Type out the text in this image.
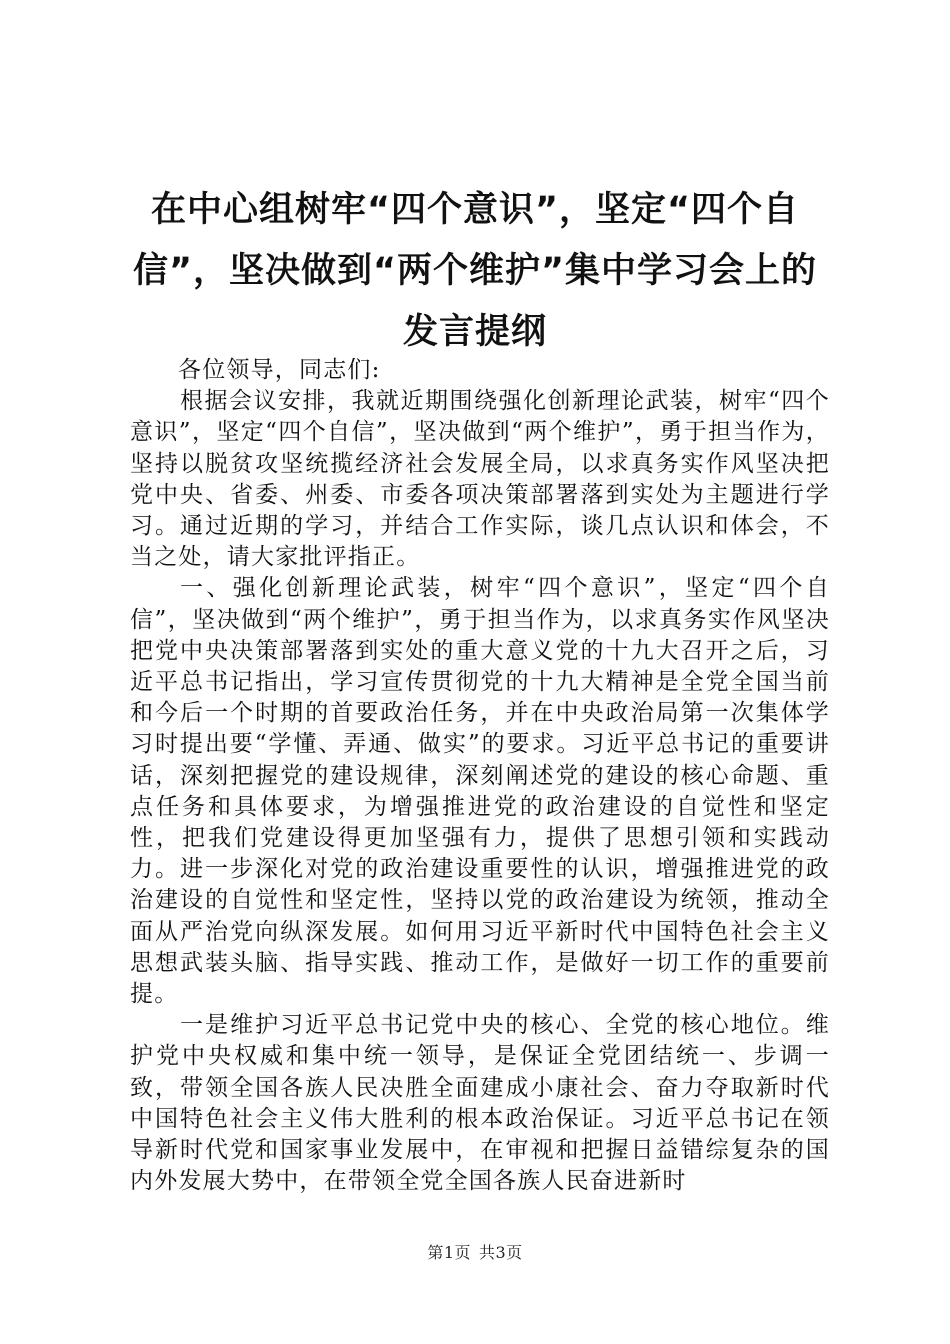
在中心组树牢“四个意识”，坚定“四个自信”，坚决做到“两个维护”集中学习会上的发言提纲

各位领导，同志们:

根据会议安排，我就近期围绕强化创新理论武装，树牢“四个意识”，坚定“四个自信”，坚决做到“两个维护”，勇于担当作为，坚持以脱贫攻坚统揽经济社会发展全局，以求真务实作风坚决把党中央、省委、州委、市委各项决策部署落到实处为主题进行学习。通过近期的学习，并结合工作实际，谈几点认识和体会，不当之处，请大家批评指正。

一、强化创新理论武装，树牢“四个意识”，坚定“四个自信”，坚决做到“两个维护”，勇于担当作为，以求真务实作风坚决把党中央决策部署落到实处的重大意义党的十九大召开之后，习近平总书记指出，学习宣传贯彻党的十九大精神是全党全国当前和今后一个时期的首要政治任务，并在中央政治局第一次集体学习时提出要“学懂、弄通、做实”的要求。习近平总书记的重要讲话，深刻把握党的建设规律，深刻阐述党的建设的核心命题、重点任务和具体要求，为增强推进党的政治建设的自觉性和坚定性，把我们党建设得更加坚强有力，提供了思想引领和实践动力。进一步深化对党的政治建设重要性的认识，增强推进党的政治建设的自觉性和坚定性，坚持以党的政治建设为统领，推动全面从严治党向纵深发展。如何用习近平新时代中国特色社会主义思想武装头脑、指导实践、推动工作，是做好一切工作的重要前提。

一是维护习近平总书记党中央的核心、全党的核心地位。维护党中央权威和集中统一领导，是保证全党团结统一、步调一致，带领全国各族人民决胜全面建成小康社会、奋力夺取新时代中国特色社会主义伟大胜利的根本政治保证。习近平总书记在领导新时代党和国家事业发展中，在审视和把握日益错综复杂的国内外发展大势中，在带领全党全国各族人民奋进新时

第1页 共3页
